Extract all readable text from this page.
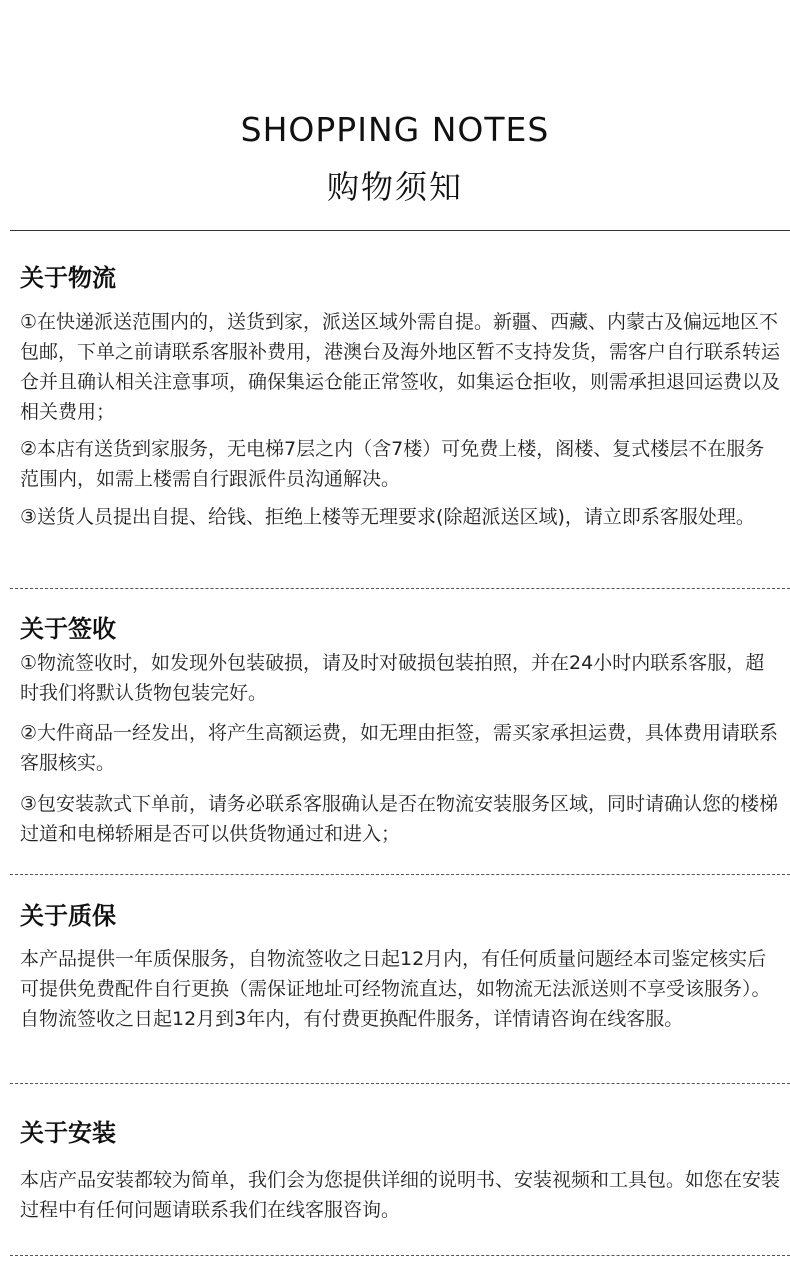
SHOPPING NOTES
购物须知
关于物流

①在快递派送范围内的，送货到家，派送区域外需自提。新疆、西藏、内蒙古及偏远地区不包邮，下单之前请联系客服补费用，港澳台及海外地区暂不支持发货，需客户自行联系转运仓并且确认相关注意事项，确保集运仓能正常签收，如集运仓拒收，则需承担退回运费以及相关费用；

②本店有送货到家服务，无电梯7层之内（含7楼）可免费上楼，阁楼、复式楼层不在服务范围内，如需上楼需自行跟派件员沟通解决。

③送货人员提出自提、给钱、拒绝上楼等无理要求(除超派送区域)，请立即系客服处理。

关于签收

①物流签收时，如发现外包装破损，请及时对破损包装拍照，并在24小时内联系客服，超时我们将默认货物包装完好。

②大件商品一经发出，将产生高额运费，如无理由拒签，需买家承担运费，具体费用请联系客服核实。

③包安装款式下单前，请务必联系客服确认是否在物流安装服务区域，同时请确认您的楼梯过道和电梯轿厢是否可以供货物通过和进入；

关于质保

本产品提供一年质保服务，自物流签收之日起12月内，有任何质量问题经本司鉴定核实后可提供免费配件自行更换（需保证地址可经物流直达，如物流无法派送则不享受该服务）。自物流签收之日起12月到3年内，有付费更换配件服务，详情请咨询在线客服。

关于安装

本店产品安装都较为简单，我们会为您提供详细的说明书、安装视频和工具包。如您在安装过程中有任何问题请联系我们在线客服咨询。
